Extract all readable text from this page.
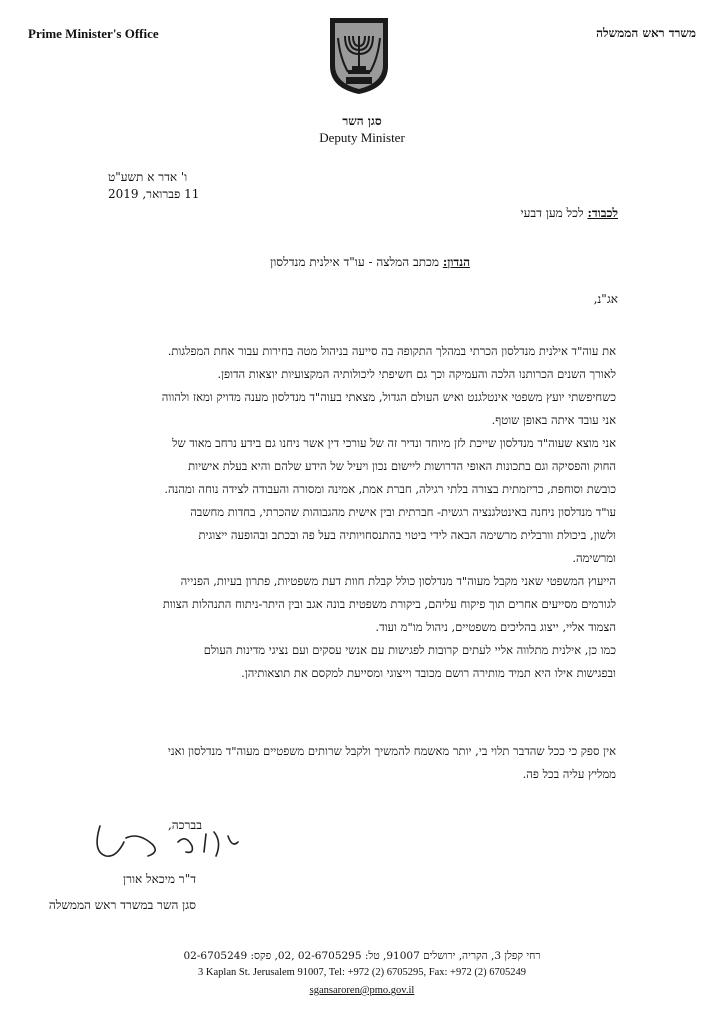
Prime Minister's Office	משרד ראש הממשלה
סגן השר
Deputy Minister
ו' אדר א תשע"ט
11 פברואר, 2019
לכבוד: לכל מען דבעי
הנדון: מכתב המלצה - עו"ד אילנית מנדלסון
אג"נ,
את עוה"ד אילנית מנדלסון הכרתי במהלך התקופה בה סייעה בניהול מטה בחירות עבור אחת המפלגות.
לאורך השנים הכרותנו הלכה והעמיקה וכך גם חשיפתי ליכולותיה המקצועיות יוצאות הדופן.
כשחיפשתי יועץ משפטי אינטלגנט ואיש העולם הגדול, מצאתי בעוה"ד מנדלסון מענה מדויק ומאז ולהווה
אני עובד איתה באופן שוטף.
אני מוצא שעוה"ד מנדלסון שייכת לזן מיוחד ונדיר זה של עורכי דין אשר ניחנו גם בידע נרחב מאוד של
החוק והפסיקה וגם בתכונות האופי הדרושות ליישום נכון ויעיל של הידע שלהם והיא בעלת אישיות
כובשת וסוחפת, כריזמתית בצורה בלתי רגילה, חברת אמת, אמינה ומסורה והעבודה לצידה נוחה ומהנה.
עו"ד מנדלסון ניחנה באינטלגנציה רגשית- חברתית ובין אישית מהגבוהות שהכרתי, בחדות מחשבה
ולשון, ביכולת וורבלית מרשימה הבאה לידי ביטוי בהתנסחויותיה בעל פה ובכתב ובהופעה ייצוגית
ומרשימה.
הייעוץ המשפטי שאני מקבל מעוה"ד מנדלסון כולל קבלת חוות דעת משפטיות, פתרון בעיות, הפנייה
לגורמים מסייעים אחרים תוך פיקוח עליהם, ביקורת משפטית בונה אגב ובין היתר-ניתוח התנהלות הצוות
הצמוד אליי, ייצוג בהליכים משפטיים, ניהול מו"מ ועוד.
כמו כן, אילנית מתלווה אליי לעתים קרובות לפגישות עם אנשי עסקים ועם נציגי מדינות העולם
ובפגישות אילו היא תמיד מותירה רושם מכובד וייצוגי ומסייעת למקסם את תוצאותיהן.
אין ספק כי ככל שהדבר תלוי בי, יותר מאשמח להמשיך ולקבל שרותים משפטיים מעוה"ד מנדלסון ואני
ממליץ עליה בכל פה.
בברכה,
ד"ר מיכאל אורן
סגן השר במשרד ראש הממשלה
רחי קפלן 3, הקריה, ירושלים 91007, טל: 02-6705295 ,02, פקס: 02-6705249
3 Kaplan St. Jerusalem 91007, Tel: +972 (2) 6705295, Fax: +972 (2) 6705249
sgansaroren@pmo.gov.il
